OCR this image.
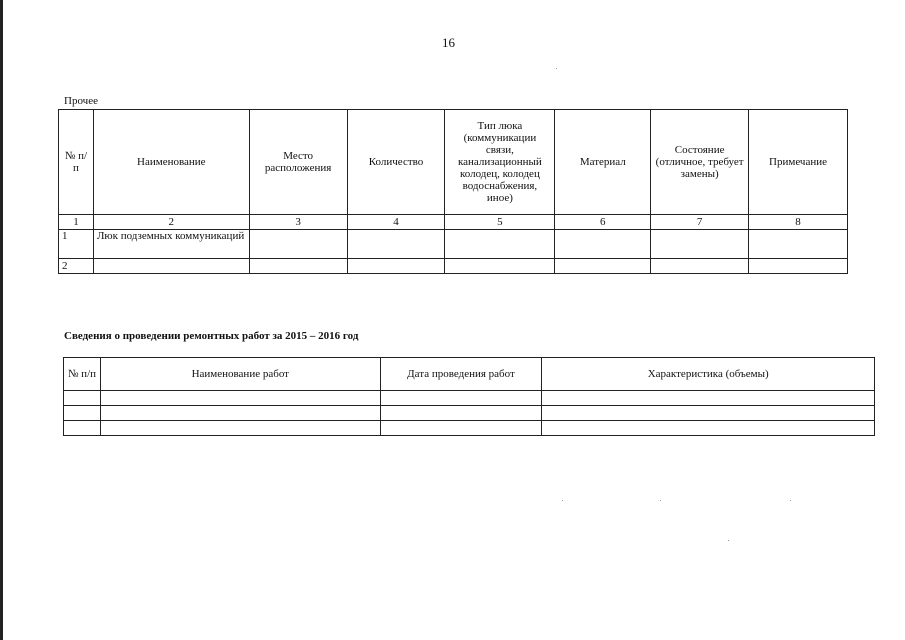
16
Прочее
№ п/п	Наименование	Место расположения	Количество	Тип люка (коммуникации связи, канализационный колодец, колодец водоснабжения, иное)	Материал	Состояние (отличное, требует замены)	Примечание
1	2	3	4	5	6	7	8
1	Люк подземных коммуникаций						
2							
Сведения о проведении ремонтных работ за 2015 – 2016 год
№ п/п	Наименование работ	Дата проведения работ	Характеристика (объемы)
